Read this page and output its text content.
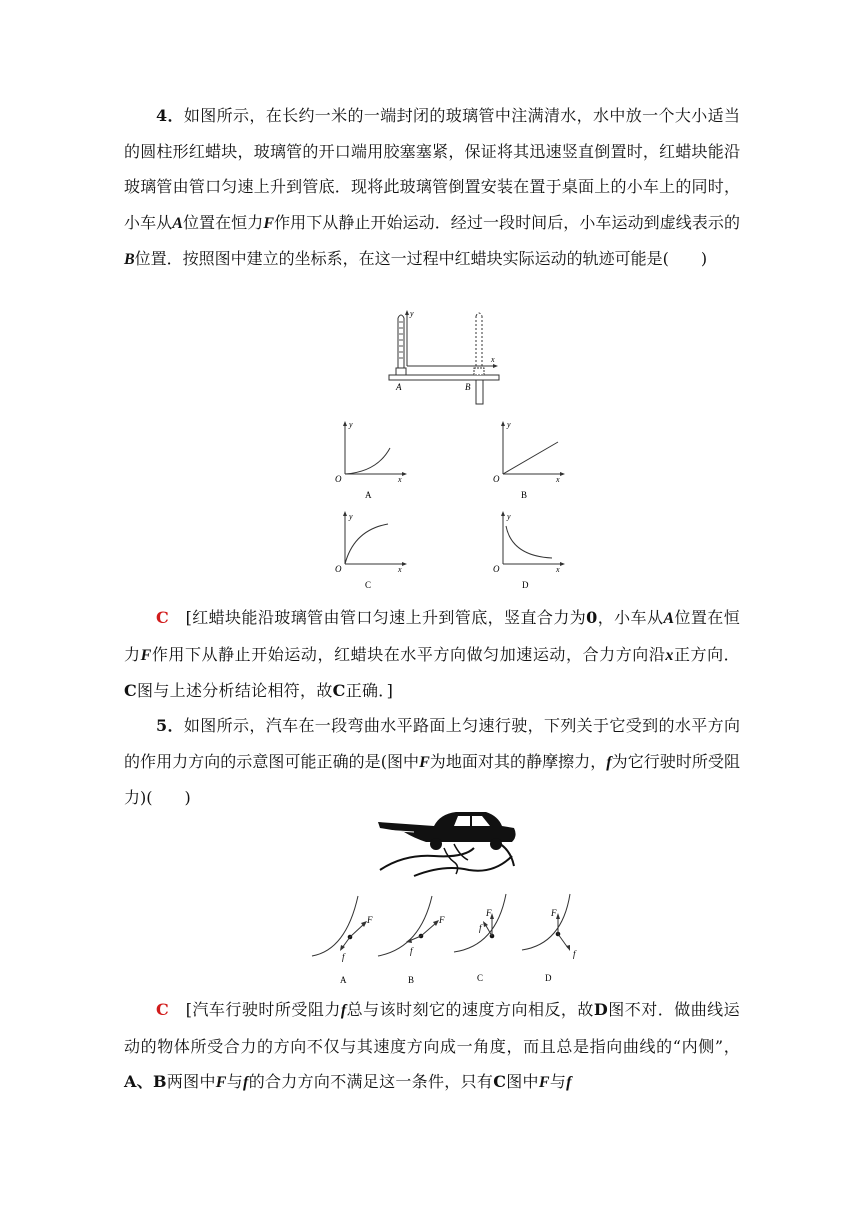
4．如图所示，在长约一米的一端封闭的玻璃管中注满清水，水中放一个大小适当的圆柱形红蜡块，玻璃管的开口端用胶塞塞紧，保证将其迅速竖直倒置时，红蜡块能沿玻璃管由管口匀速上升到管底．现将此玻璃管倒置安装在置于桌面上的小车上的同时，小车从A位置在恒力F作用下从静止开始运动．经过一段时间后，小车运动到虚线表示的B位置．按照图中建立的坐标系，在这一过程中红蜡块实际运动的轨迹可能是(　　)
y
x
A	B
y
x
O
A
y
x
O
B
y
x
O
C
y
x
O
D
C　 [红蜡块能沿玻璃管由管口匀速上升到管底，竖直合力为0，小车从A位置在恒力F作用下从静止开始运动，红蜡块在水平方向做匀加速运动，合力方向沿x正方向．C图与上述分析结论相符，故C正确．]
5．如图所示，汽车在一段弯曲水平路面上匀速行驶，下列关于它受到的水平方向的作用力方向的示意图可能正确的是(图中F为地面对其的静摩擦力，f为它行驶时所受阻力)(　　)
F
f
A
F
f
B
F
f
C
F
f
D
C　 [汽车行驶时所受阻力f总与该时刻它的速度方向相反，故D图不对．做曲线运动的物体所受合力的方向不仅与其速度方向成一角度，而且总是指向曲线的“内侧”，A、B两图中F与f的合力方向不满足这一条件，只有C图中F与f
